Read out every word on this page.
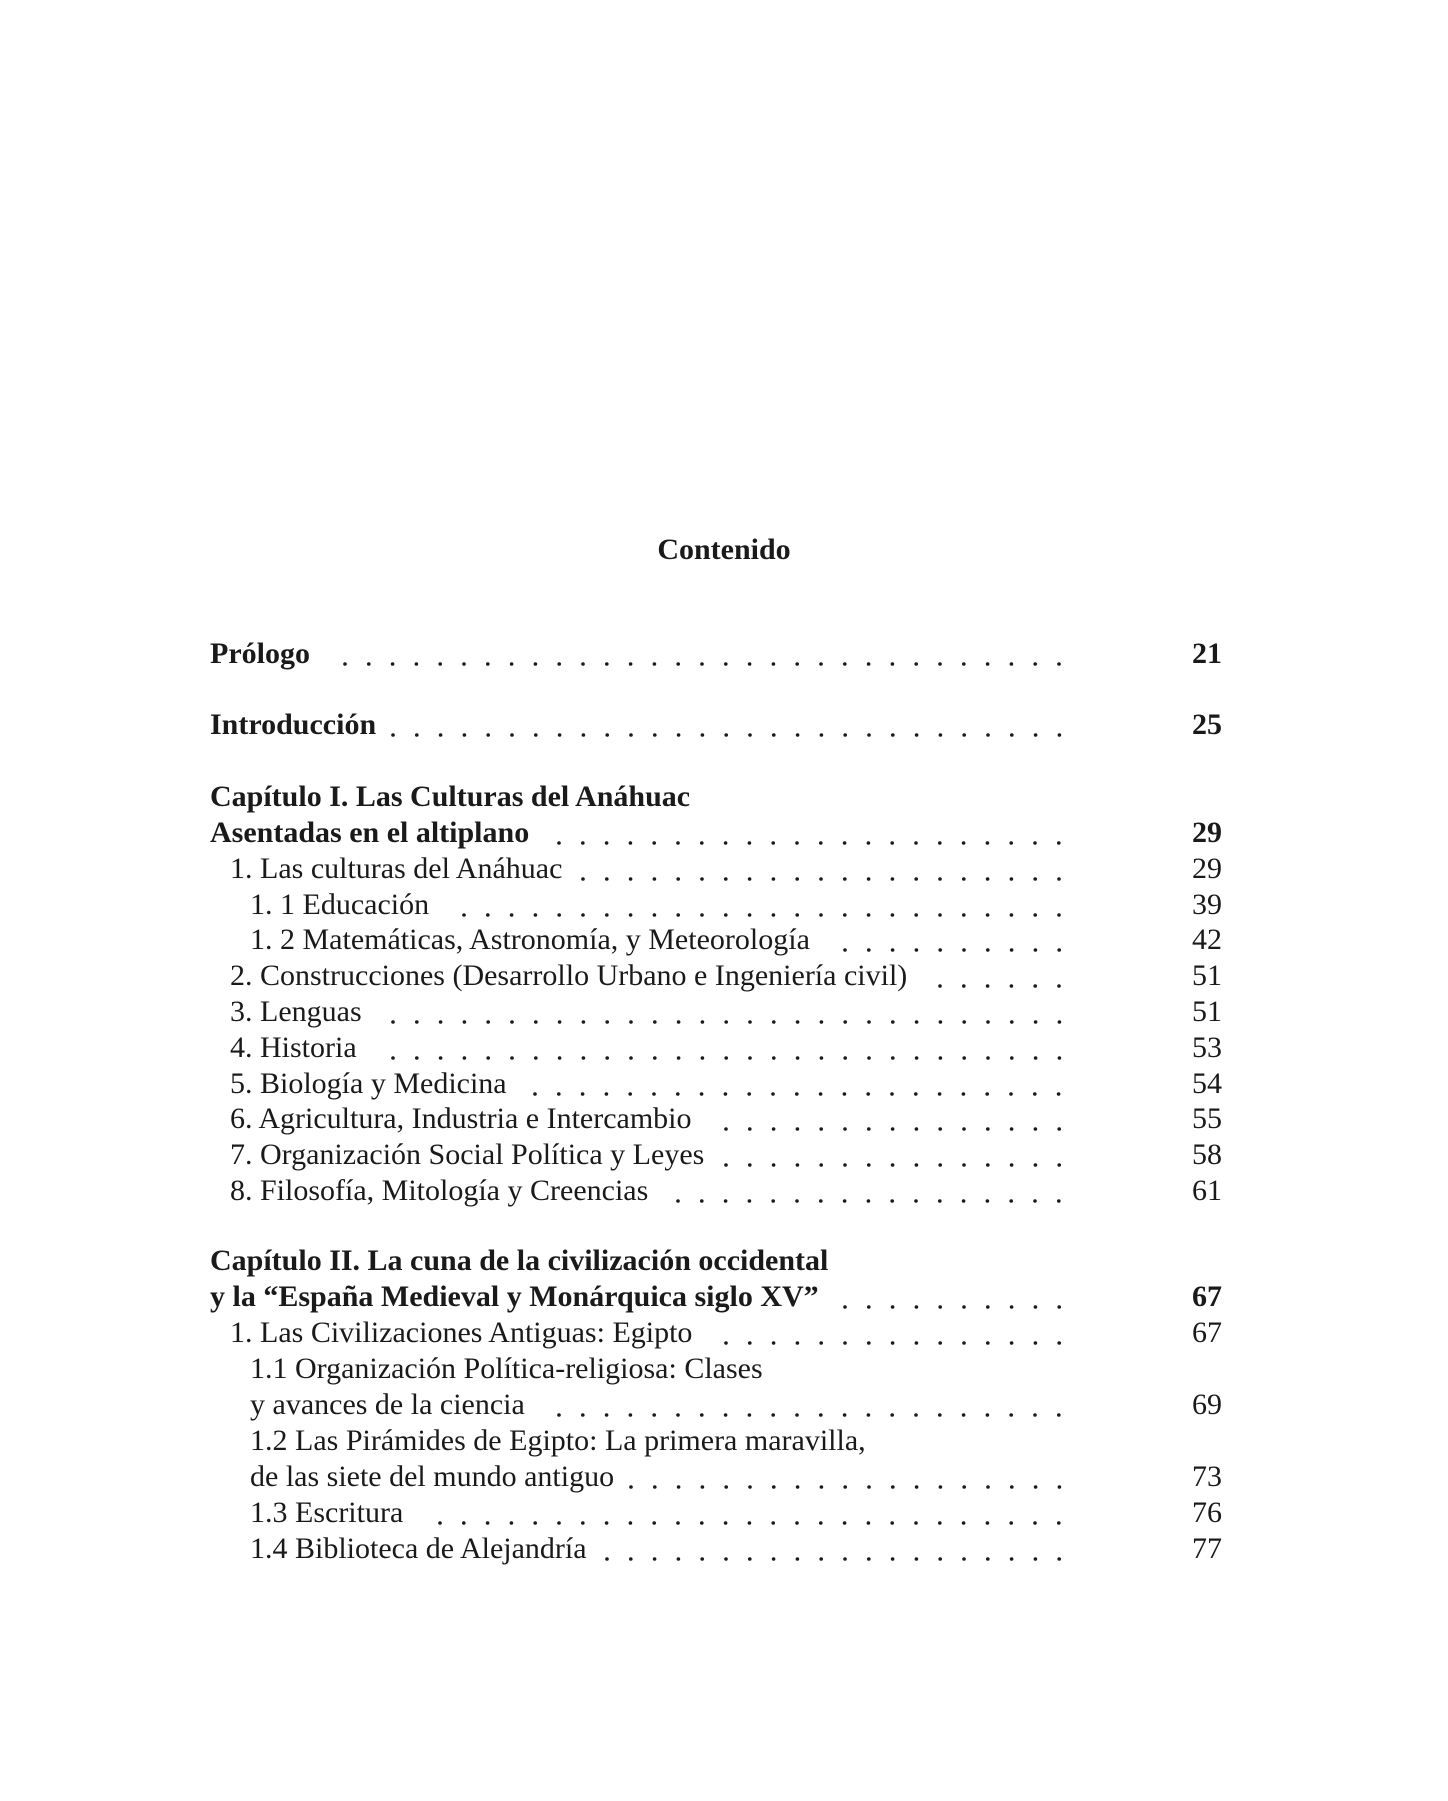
Contenido
Prólogo	21
Introducción	25
Capítulo I. Las Culturas del Anáhuac
Asentadas en el altiplano	29
1. Las culturas del Anáhuac	29
1. 1 Educación	39
1. 2 Matemáticas, Astronomía, y Meteorología	42
2. Construcciones (Desarrollo Urbano e Ingeniería civil)	51
3. Lenguas	51
4. Historia	53
5. Biología y Medicina	54
6. Agricultura, Industria e Intercambio	55
7. Organización Social Política y Leyes	58
8. Filosofía, Mitología y Creencias	61
Capítulo II. La cuna de la civilización occidental
y la “España Medieval y Monárquica siglo XV”	67
1. Las Civilizaciones Antiguas: Egipto	67
1.1 Organización Política-religiosa: Clases
y avances de la ciencia	69
1.2 Las Pirámides de Egipto: La primera maravilla,
de las siete del mundo antiguo	73
1.3 Escritura	76
1.4 Biblioteca de Alejandría	77
